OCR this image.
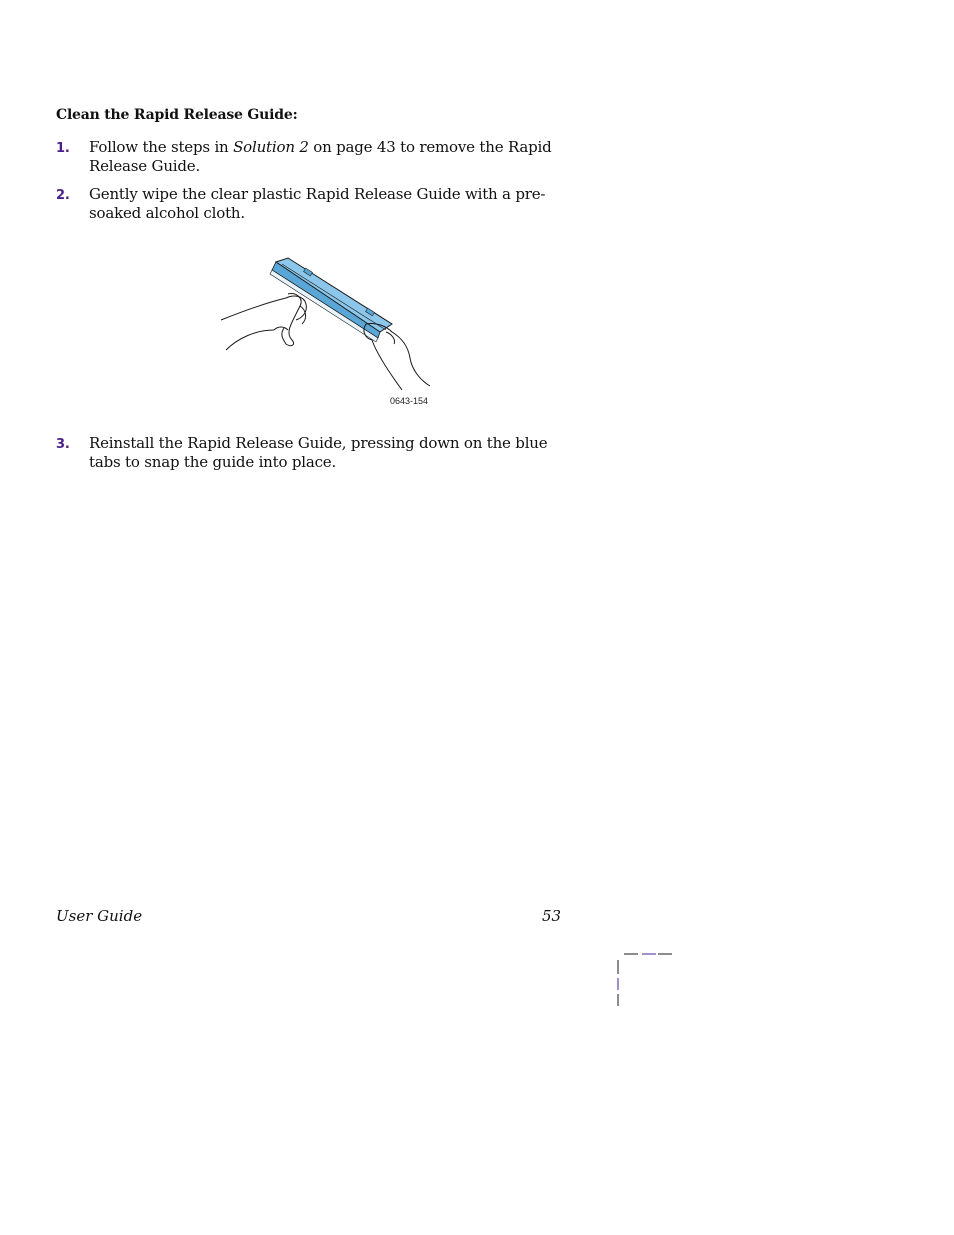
Clean the Rapid Release Guide:
1. Follow the steps in Solution 2 on page 43 to remove the Rapid Release Guide.
2. Gently wipe the clear plastic Rapid Release Guide with a pre-soaked alcohol cloth.
0643-154
3. Reinstall the Rapid Release Guide, pressing down on the blue tabs to snap the guide into place.
User Guide	53
